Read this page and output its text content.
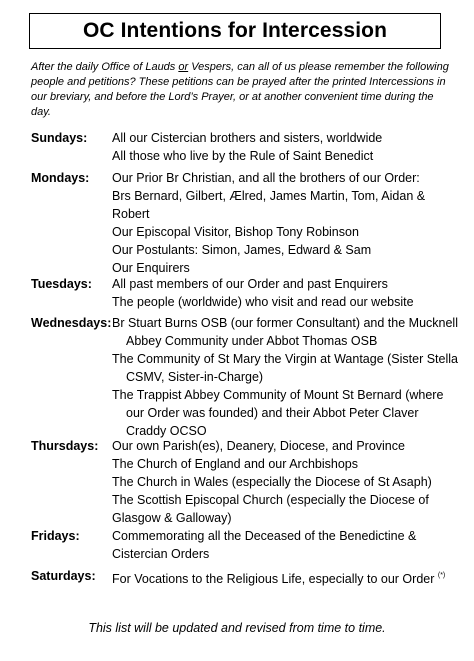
OC Intentions for Intercession
After the daily Office of Lauds or Vespers, can all of us please remember the following people and petitions? These petitions can be prayed after the printed Intercessions in our breviary, and before the Lord’s Prayer, or at another convenient time during the day.
Sundays: All our Cistercian brothers and sisters, worldwide

All those who live by the Rule of Saint Benedict

Mondays: Our Prior Br Christian, and all the brothers of our Order:

Brs Bernard, Gilbert, Ælred, James Martin, Tom, Aidan & Robert

Our Episcopal Visitor, Bishop Tony Robinson

Our Postulants: Simon, James, Edward & Sam

Our Enquirers

Tuesdays: All past members of our Order and past Enquirers

The people (worldwide) who visit and read our website

Wednesdays: Br Stuart Burns OSB (our former Consultant) and the Mucknell Abbey Community under Abbot Thomas OSB

The Community of St Mary the Virgin at Wantage (Sister Stella CSMV, Sister-in-Charge)

The Trappist Abbey Community of Mount St Bernard (where our Order was founded) and their Abbot Peter Claver Craddy OCSO

Thursdays: Our own Parish(es), Deanery, Diocese, and Province

The Church of England and our Archbishops

The Church in Wales (especially the Diocese of St Asaph)

The Scottish Episcopal Church (especially the Diocese of Glasgow & Galloway)

Fridays:	Commemorating all the Deceased of the Benedictine & Cistercian Orders

Saturdays: For Vocations to the Religious Life, especially to our Order (*)

This list will be updated and revised from time to time.
